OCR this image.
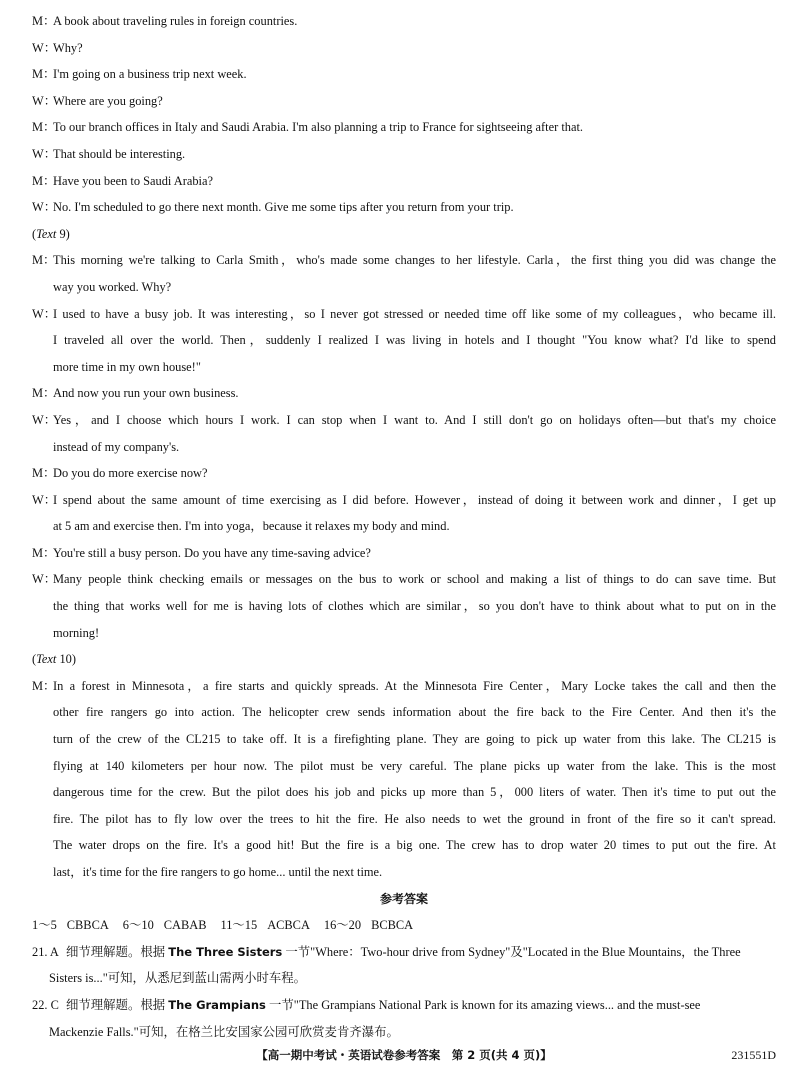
M：
A book about traveling rules in foreign countries.
W：
Why?
M：
I'm going on a business trip next week.
W：
Where are you going?
M：
To our branch offices in Italy and Saudi Arabia. I'm also planning a trip to France for sightseeing after that.
W：
That should be interesting.
M：
Have you been to Saudi Arabia?
W：
No. I'm scheduled to go there next month. Give me some tips after you return from your trip.
(Text 9)
M：
This morning we're talking to Carla Smith，who's made some changes to her lifestyle. Carla，the first thing you did was change the
way you worked. Why?
W：
I used to have a busy job. It was interesting，so I never got stressed or needed time off like some of my colleagues，who became ill.
I traveled all over the world. Then，suddenly I realized I was living in hotels and I thought "You know what? I'd like to spend
more time in my own house!"
M：
And now you run your own business.
W：
Yes，and I choose which hours I work. I can stop when I want to. And I still don't go on holidays often—but that's my choice
instead of my company's.
M：
Do you do more exercise now?
W：
I spend about the same amount of time exercising as I did before. However，instead of doing it between work and dinner，I get up
at 5 am and exercise then. I'm into yoga，because it relaxes my body and mind.
M：
You're still a busy person. Do you have any time-saving advice?
W：
Many people think checking emails or messages on the bus to work or school and making a list of things to do can save time. But
the thing that works well for me is having lots of clothes which are similar，so you don't have to think about what to put on in the
morning!
(Text 10)
M：
In a forest in Minnesota，a fire starts and quickly spreads. At the Minnesota Fire Center，Mary Locke takes the call and then the
other fire rangers go into action. The helicopter crew sends information about the fire back to the Fire Center. And then it's the
turn of the crew of the CL215 to take off. It is a firefighting plane. They are going to pick up water from this lake. The CL215 is
flying at 140 kilometers per hour now. The pilot must be very careful. The plane picks up water from the lake. This is the most
dangerous time for the crew. But the pilot does his job and picks up more than 5，000 liters of water. Then it's time to put out the
fire. The pilot has to fly low over the trees to hit the fire. He also needs to wet the ground in front of the fire so it can't spread.
The water drops on the fire. It's a good hit! But the fire is a big one. The crew has to drop water 20 times to put out the fire. At
last，it's time for the fire rangers to go home... until the next time.
参考答案
1～5 CBBCA 6～10 CABAB 11～15 ACBCA 16～20 BCBCA
21. A 细节理解题。根据 The Three Sisters 一节"Where：Two-hour drive from Sydney"及"Located in the Blue Mountains，the Three
Sisters is..."可知，从悉尼到蓝山需两小时车程。
22. C 细节理解题。根据 The Grampians 一节"The Grampians National Park is known for its amazing views... and the must-see
Mackenzie Falls."可知，在格兰比安国家公园可欣赏麦肯齐瀑布。
【高一期中考试・英语试卷参考答案　第 2 页(共 4 页)】	231551D
